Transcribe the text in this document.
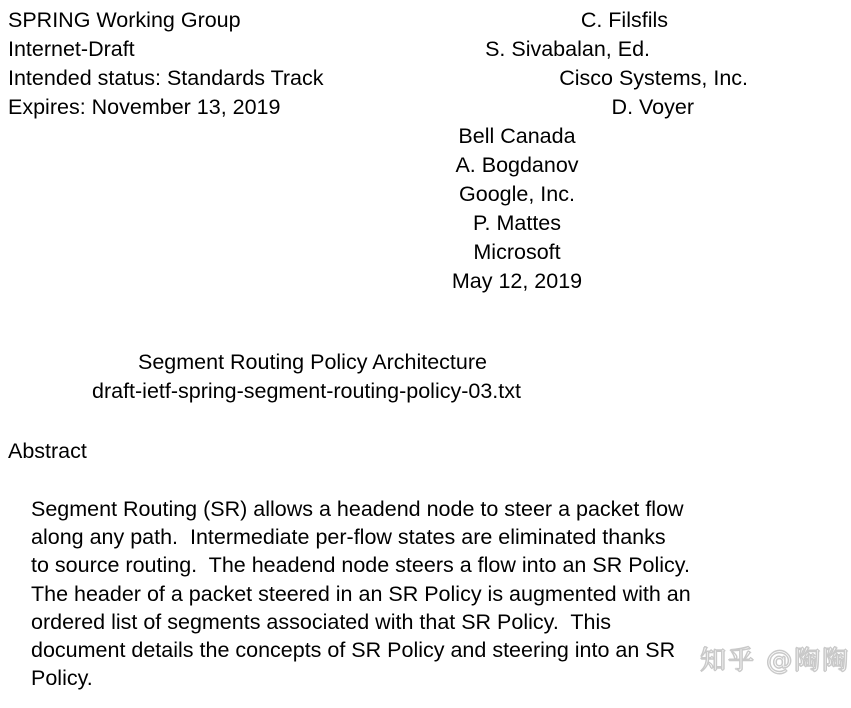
SPRING Working Group

	C. Filsfils

Internet-Draft

	S. Sivabalan, Ed.

Intended status: Standards Track

	Cisco Systems, Inc.

Expires: November 13, 2019

	D. Voyer

Bell Canada
A. Bogdanov
Google, Inc.
P. Mattes
Microsoft
May 12, 2019

Segment Routing Policy Architecture

draft-ietf-spring-segment-routing-policy-03.txt

Abstract
Segment Routing (SR) allows a headend node to steer a packet flow
along any path.  Intermediate per-flow states are eliminated thanks
to source routing.  The headend node steers a flow into an SR Policy.
The header of a packet steered in an SR Policy is augmented with an
ordered list of segments associated with that SR Policy.  This
document details the concepts of SR Policy and steering into an SR
Policy.
知乎 @陶陶
